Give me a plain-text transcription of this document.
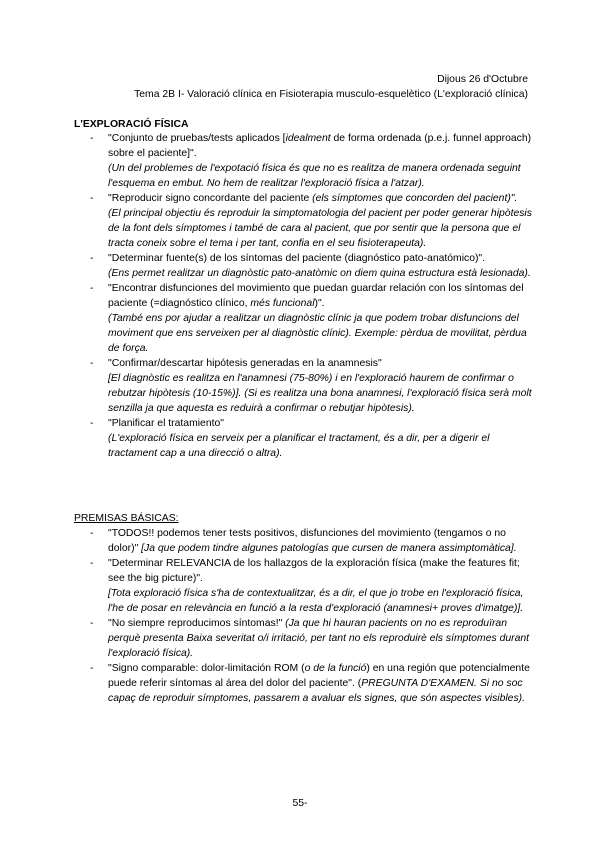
Dijous 26 d'Octubre
Tema 2B I- Valoració clínica en Fisioterapia musculo-esquelètico (L'exploració clínica)
L'EXPLORACIÓ FÍSICA
- "Conjunto de pruebas/tests aplicados [idealment de forma ordenada (p.e.j. funnel approach) sobre el paciente]".
(Un del problemes de l'expotació física és que no es realitza de manera ordenada seguint l'esquema en embut. No hem de realitzar l'exploració física a l'atzar).
- "Reproducir signo concordante del paciente (els símptomes que concorden del pacient)".
(El principal objectiu és reproduir la simptomatologia del pacient per poder generar hipòtesis de la font dels símptomes i també de cara al pacient, que por sentir que la persona que el tracta coneix sobre el tema i per tant, confia en el seu fisioterapeuta).
- "Determinar fuente(s) de los síntomas del paciente (diagnóstico pato-anatómico)".
(Ens permet realitzar un diagnòstic pato-anatòmic on diem quina estructura està lesionada).
- "Encontrar disfunciones del movimiento que puedan guardar relación con los síntomas del paciente (=diagnóstico clínico, més funcional)".
(També ens por ajudar a realitzar un diagnòstic clínic ja que podem trobar disfuncions del moviment que ens serveixen per al diagnòstic clínic). Exemple: pèrdua de movilitat, pèrdua de força.
- "Confirmar/descartar hipótesis generadas en la anamnesis"
[El diagnòstic es realitza en l'anamnesi (75-80%) i en l'exploració haurem de confirmar o rebutzar hipòtesis (10-15%)]. (Si es realitza una bona anamnesi, l'exploració física serà molt senzilla ja que aquesta es reduirà a confirmar o rebutjar hipòtesis).
- "Planificar el tratamiento"
(L'exploració física en serveix per a planificar el tractament, és a dir, per a digerir el tractament cap a una direcció o altra).
PREMISAS BÁSICAS:
- "TODOS!! podemos tener tests positivos, disfunciones del movimiento (tengamos o no dolor)" [Ja que podem tindre algunes patologías que cursen de manera assimptomàtica].
- "Determinar RELEVANCIA de los hallazgos de la exploración física (make the features fit; see the big picture)".
[Tota exploració física s'ha de contextualitzar, és a dir, el que jo trobe en l'exploració física, l'he de posar en relevància en funció a la resta d'exploració (anamnesi+ proves d'imatge)].
- "No siempre reproducimos síntomas!" (Ja que hi hauran pacients on no es reproduïran perquè presenta Baixa severitat o/i irritació, per tant no els reproduirè els símptomes durant l'exploració física).
- "Signo comparable: dolor-limitación ROM (o de la funció) en una región que potencialmente puede referir síntomas al área del dolor del paciente". (PREGUNTA D'EXAMEN. Si no soc capaç de reproduir símptomes, passarem a avaluar els signes, que són aspectes visibles).
55-
